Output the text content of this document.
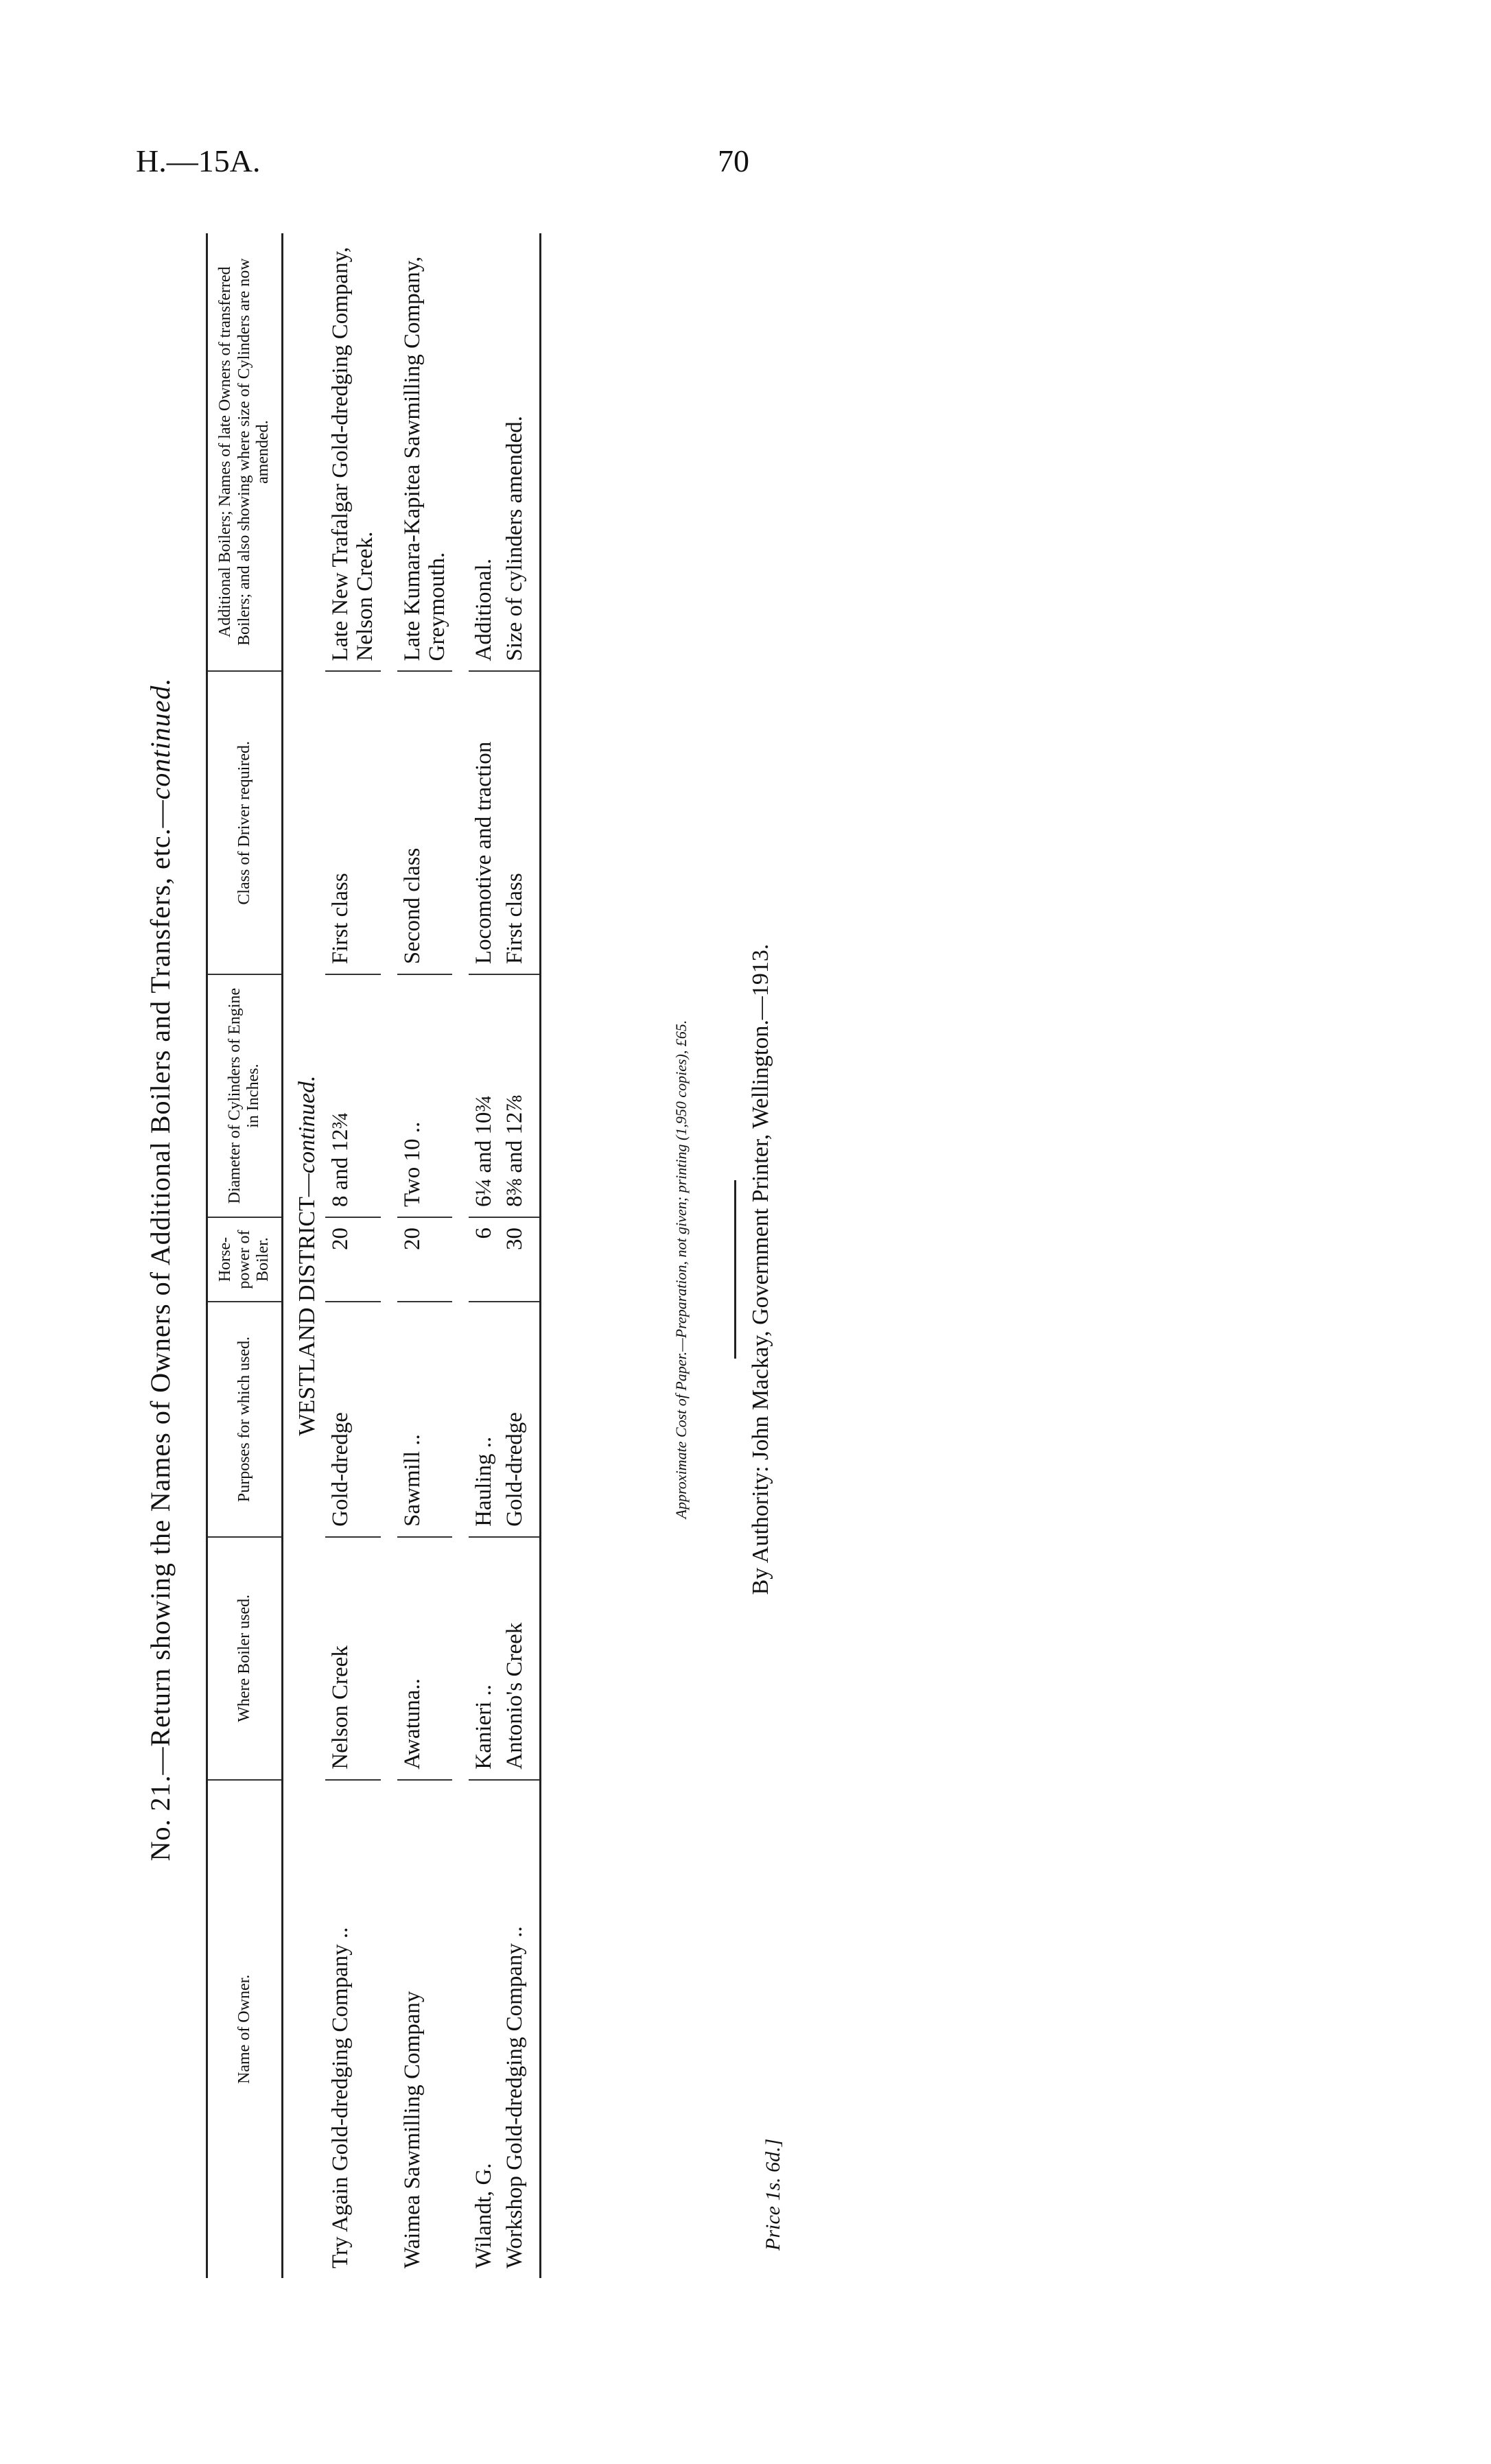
H.—15A.	70
No. 21.—Return showing the Names of Owners of Additional Boilers and Transfers, etc.—continued.
Name of Owner.	Where Boiler used.	Purposes for which used.	Horse-power of Boiler.	Diameter of Cylinders of Engine in Inches.	Class of Driver required.	Additional Boilers; Names of late Owners of transferred Boilers; and also showing where size of Cylinders are now amended.
WESTLAND DISTRICT—continued.						
Try Again Gold-dredging Company ..	Nelson Creek	Gold-dredge	20	8 and 12¾	First class	Late New Trafalgar Gold-dredging Company, Nelson Creek.

Waimea Sawmilling Company	Awatuna..	Sawmill ..	20	Two 10 ..	Second class	Late Kumara-Kapitea Sawmilling Company, Greymouth.

Wilandt, G.	Kanieri ..	Hauling ..	6	6¼ and 10¾	Locomotive and traction	Additional.
Workshop Gold-dredging Company ..	Antonio's Creek	Gold-dredge	30	8⅜ and 12⅞	First class	Size of cylinders amended.
Approximate Cost of Paper.—Preparation, not given; printing (1,950 copies), £65.	By Authority: John Mackay, Government Printer, Wellington.—1913.
Price 1s. 6d.]
